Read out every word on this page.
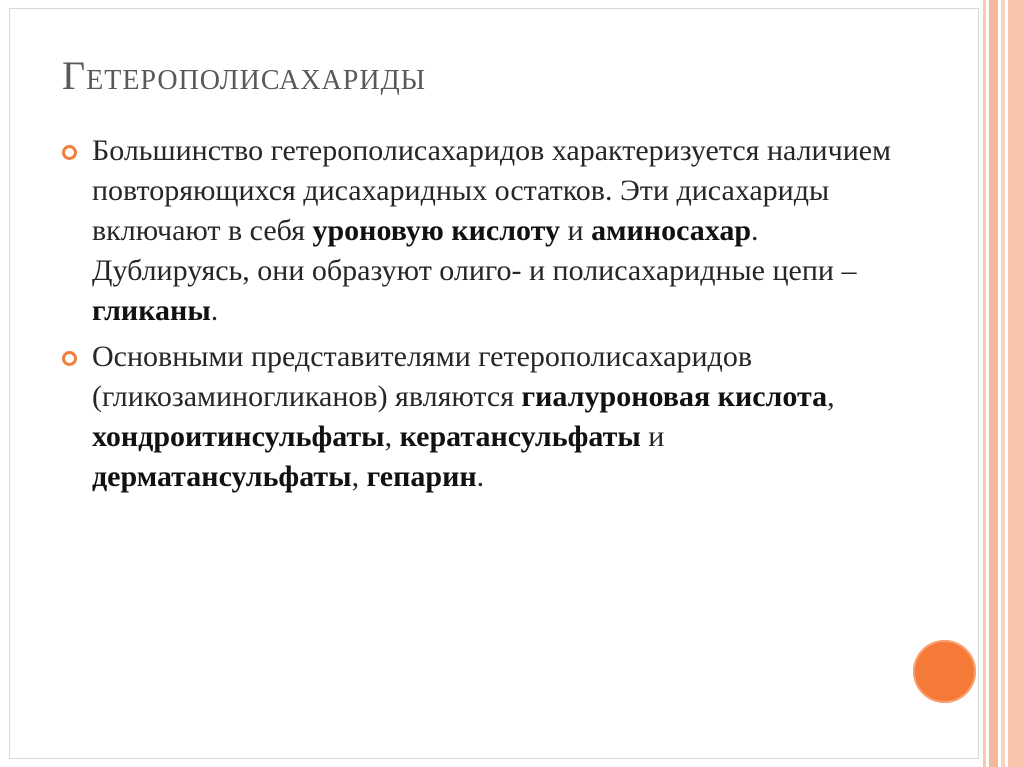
Гетерополисахариды
Большинство гетерополисахаридов характеризуется наличием повторяющихся дисахаридных остатков. Эти дисахариды включают в себя уроновую кислоту и аминосахар. Дублируясь, они образуют олиго- и полисахаридные цепи – гликаны.
Основными представителями гетерополисахаридов (гликозаминогликанов) являются гиалуроновая кислота, хондроитинсульфаты, кератансульфаты и дерматансульфаты, гепарин.
